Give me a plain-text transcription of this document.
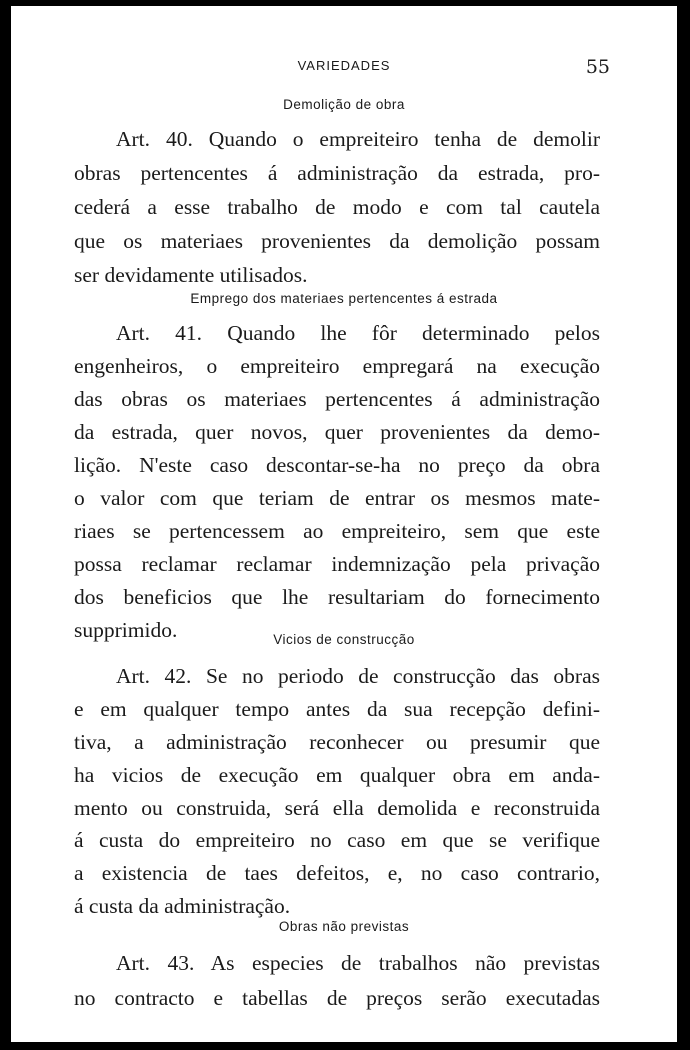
VARIEDADES	55
Demolição de obra
Art. 40. Quando o empreiteiro tenha de demolir
obras pertencentes á administração da estrada, pro-
cederá a esse trabalho de modo e com tal cautela
que os materiaes provenientes da demolição possam
ser devidamente utilisados.
Emprego dos materiaes pertencentes á estrada
Art. 41. Quando lhe fôr determinado pelos
engenheiros, o empreiteiro empregará na execução
das obras os materiaes pertencentes á administração
da estrada, quer novos, quer provenientes da demo-
lição. N'este caso descontar-se-ha no preço da obra
o valor com que teriam de entrar os mesmos mate-
riaes se pertencessem ao empreiteiro, sem que este
possa reclamar reclamar indemnização pela privação
dos beneficios que lhe resultariam do fornecimento
supprimido.	Vicios de construcção
Art. 42. Se no periodo de construcção das obras
e em qualquer tempo antes da sua recepção defini-
tiva, a administração reconhecer ou presumir que
ha vicios de execução em qualquer obra em anda-
mento ou construida, será ella demolida e reconstruida
á custa do empreiteiro no caso em que se verifique
a existencia de taes defeitos, e, no caso contrario,
á custa da administração.
Obras não previstas
Art. 43. As especies de trabalhos não previstas
no contracto e tabellas de preços serão executadas
